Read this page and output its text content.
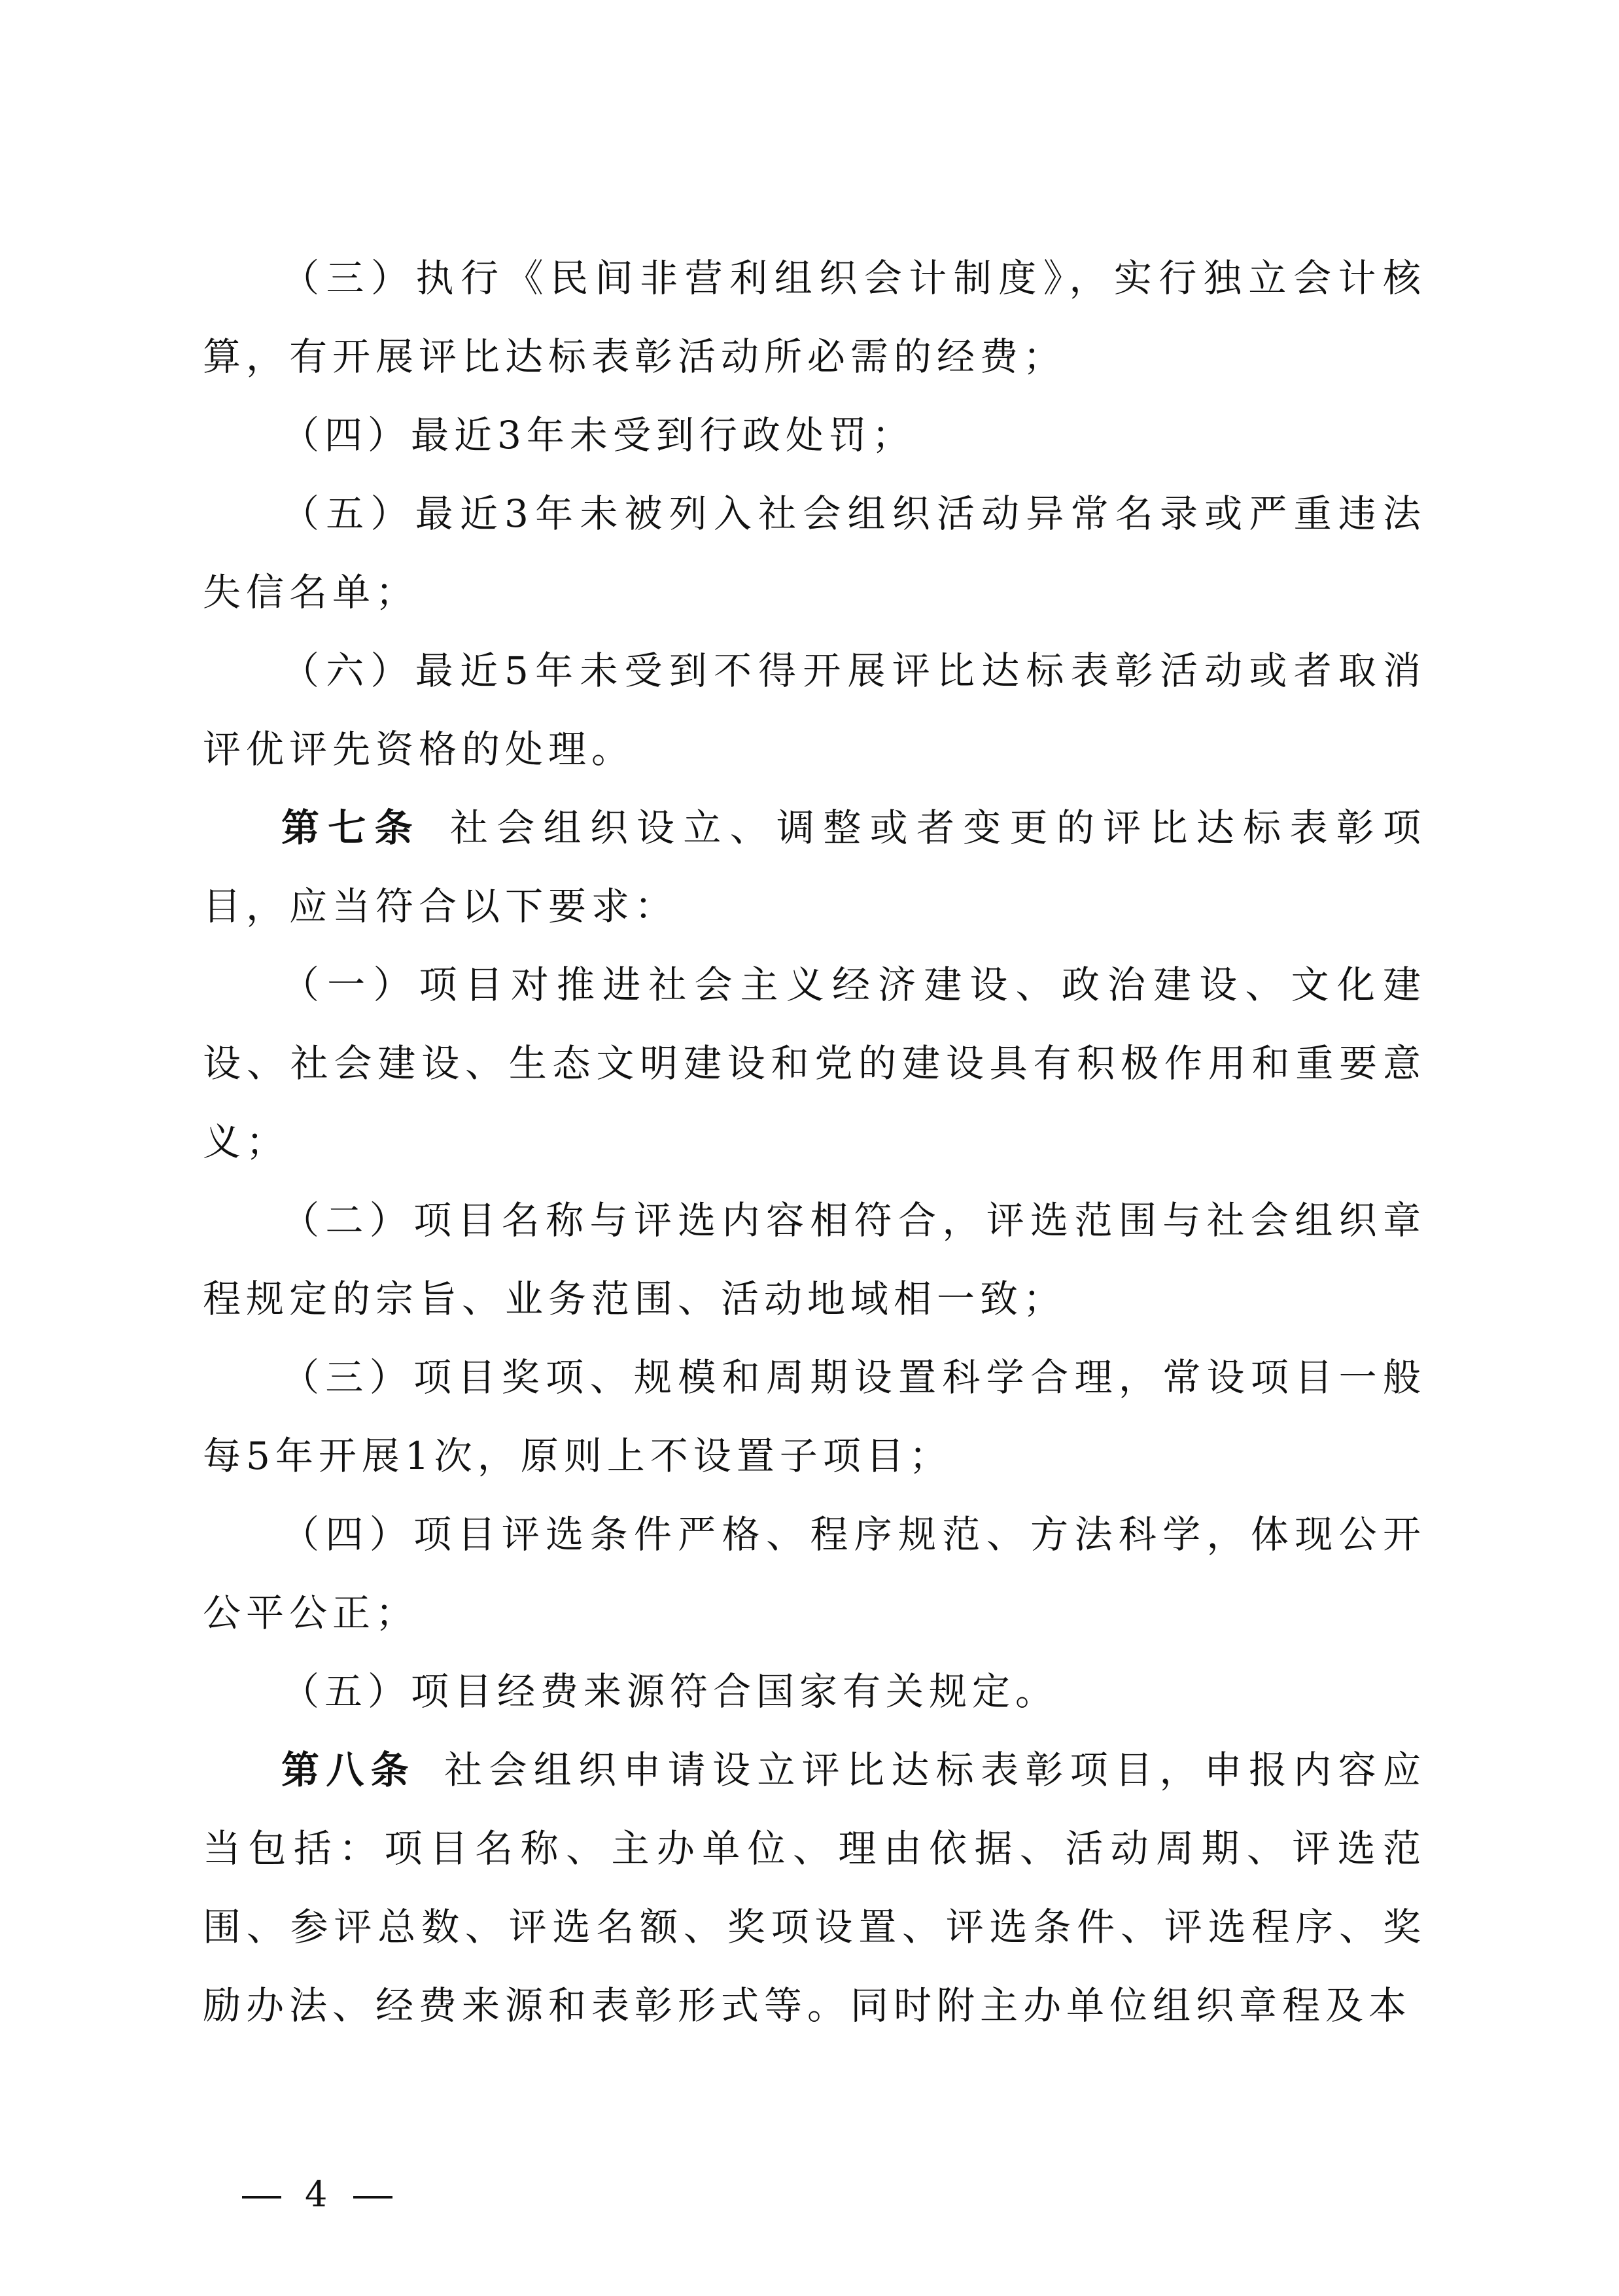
（三）执行《民间非营利组织会计制度》，实行独立会计核算，有开展评比达标表彰活动所必需的经费；

（四）最近3年未受到行政处罚；

（五）最近3年未被列入社会组织活动异常名录或严重违法失信名单；

（六）最近5年未受到不得开展评比达标表彰活动或者取消评优评先资格的处理。

第七条 社会组织设立、调整或者变更的评比达标表彰项目，应当符合以下要求：

（一）项目对推进社会主义经济建设、政治建设、文化建设、社会建设、生态文明建设和党的建设具有积极作用和重要意义；

（二）项目名称与评选内容相符合，评选范围与社会组织章程规定的宗旨、业务范围、活动地域相一致；

（三）项目奖项、规模和周期设置科学合理，常设项目一般每5年开展1次，原则上不设置子项目；

（四）项目评选条件严格、程序规范、方法科学，体现公开公平公正；

（五）项目经费来源符合国家有关规定。

第八条 社会组织申请设立评比达标表彰项目，申报内容应当包括：项目名称、主办单位、理由依据、活动周期、评选范围、参评总数、评选名额、奖项设置、评选条件、评选程序、奖励办法、经费来源和表彰形式等。同时附主办单位组织章程及本

4
